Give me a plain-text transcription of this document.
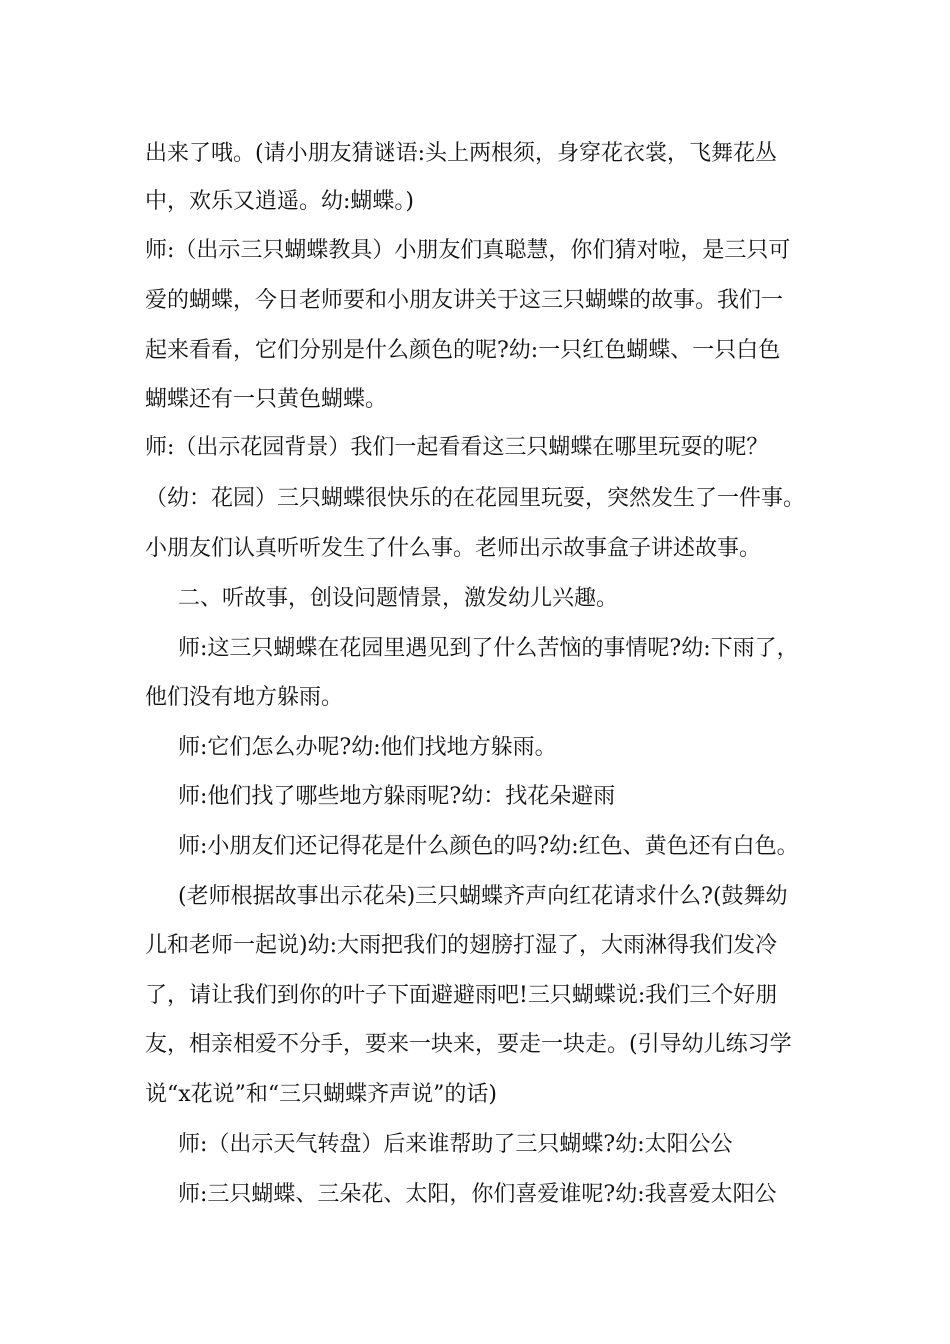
出来了哦。(请小朋友猜谜语:头上两根须，身穿花衣裳，飞舞花丛
中，欢乐又逍遥。幼:蝴蝶。)
师:（出示三只蝴蝶教具）小朋友们真聪慧，你们猜对啦，是三只可
爱的蝴蝶，今日老师要和小朋友讲关于这三只蝴蝶的故事。我们一
起来看看，它们分别是什么颜色的呢?幼:一只红色蝴蝶、一只白色
蝴蝶还有一只黄色蝴蝶。
师:（出示花园背景）我们一起看看这三只蝴蝶在哪里玩耍的呢？
（幼：花园）三只蝴蝶很快乐的在花园里玩耍，突然发生了一件事。
小朋友们认真听听发生了什么事。老师出示故事盒子讲述故事。
二、听故事，创设问题情景，激发幼儿兴趣。
师:这三只蝴蝶在花园里遇见到了什么苦恼的事情呢?幼:下雨了，
他们没有地方躲雨。
师:它们怎么办呢?幼:他们找地方躲雨。
师:他们找了哪些地方躲雨呢?幼：找花朵避雨
师:小朋友们还记得花是什么颜色的吗?幼:红色、黄色还有白色。
(老师根据故事出示花朵)三只蝴蝶齐声向红花请求什么?(鼓舞幼
儿和老师一起说)幼:大雨把我们的翅膀打湿了，大雨淋得我们发冷
了，请让我们到你的叶子下面避避雨吧!三只蝴蝶说:我们三个好朋
友，相亲相爱不分手，要来一块来，要走一块走。(引导幼儿练习学
说“x花说”和“三只蝴蝶齐声说”的话)
师:（出示天气转盘）后来谁帮助了三只蝴蝶?幼:太阳公公
师:三只蝴蝶、三朵花、太阳，你们喜爱谁呢?幼:我喜爱太阳公
